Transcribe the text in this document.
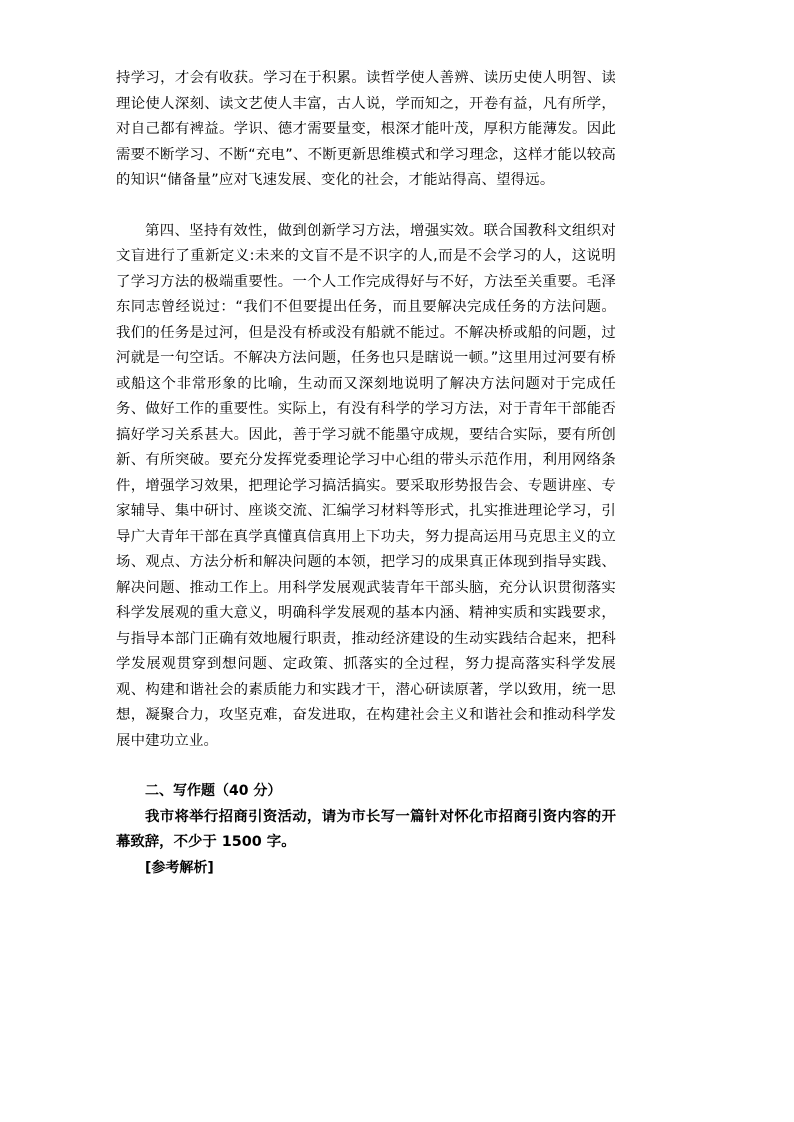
持学习，才会有收获。学习在于积累。读哲学使人善辨、读历史使人明智、读理论使人深刻、读文艺使人丰富，古人说，学而知之，开卷有益，凡有所学，对自己都有裨益。学识、德才需要量变，根深才能叶茂，厚积方能薄发。因此需要不断学习、不断“充电”、不断更新思维模式和学习理念，这样才能以较高的知识“储备量”应对飞速发展、变化的社会，才能站得高、望得远。

第四、坚持有效性，做到创新学习方法，增强实效。联合国教科文组织对文盲进行了重新定义:未来的文盲不是不识字的人,而是不会学习的人，这说明了学习方法的极端重要性。一个人工作完成得好与不好，方法至关重要。毛泽东同志曾经说过：“我们不但要提出任务，而且要解决完成任务的方法问题。我们的任务是过河，但是没有桥或没有船就不能过。不解决桥或船的问题，过河就是一句空话。不解决方法问题，任务也只是瞎说一顿。”这里用过河要有桥或船这个非常形象的比喻，生动而又深刻地说明了解决方法问题对于完成任务、做好工作的重要性。实际上，有没有科学的学习方法，对于青年干部能否搞好学习关系甚大。因此，善于学习就不能墨守成规，要结合实际，要有所创新、有所突破。要充分发挥党委理论学习中心组的带头示范作用，利用网络条件，增强学习效果，把理论学习搞活搞实。要采取形势报告会、专题讲座、专家辅导、集中研讨、座谈交流、汇编学习材料等形式，扎实推进理论学习，引导广大青年干部在真学真懂真信真用上下功夫，努力提高运用马克思主义的立场、观点、方法分析和解决问题的本领，把学习的成果真正体现到指导实践、解决问题、推动工作上。用科学发展观武装青年干部头脑，充分认识贯彻落实科学发展观的重大意义，明确科学发展观的基本内涵、精神实质和实践要求，与指导本部门正确有效地履行职责，推动经济建设的生动实践结合起来，把科学发展观贯穿到想问题、定政策、抓落实的全过程，努力提高落实科学发展观、构建和谐社会的素质能力和实践才干，潜心研读原著，学以致用，统一思想，凝聚合力，攻坚克难，奋发进取，在构建社会主义和谐社会和推动科学发展中建功立业。

二、写作题（40 分）

我市将举行招商引资活动，请为市长写一篇针对怀化市招商引资内容的开幕致辞，不少于 1500 字。

[参考解析]
